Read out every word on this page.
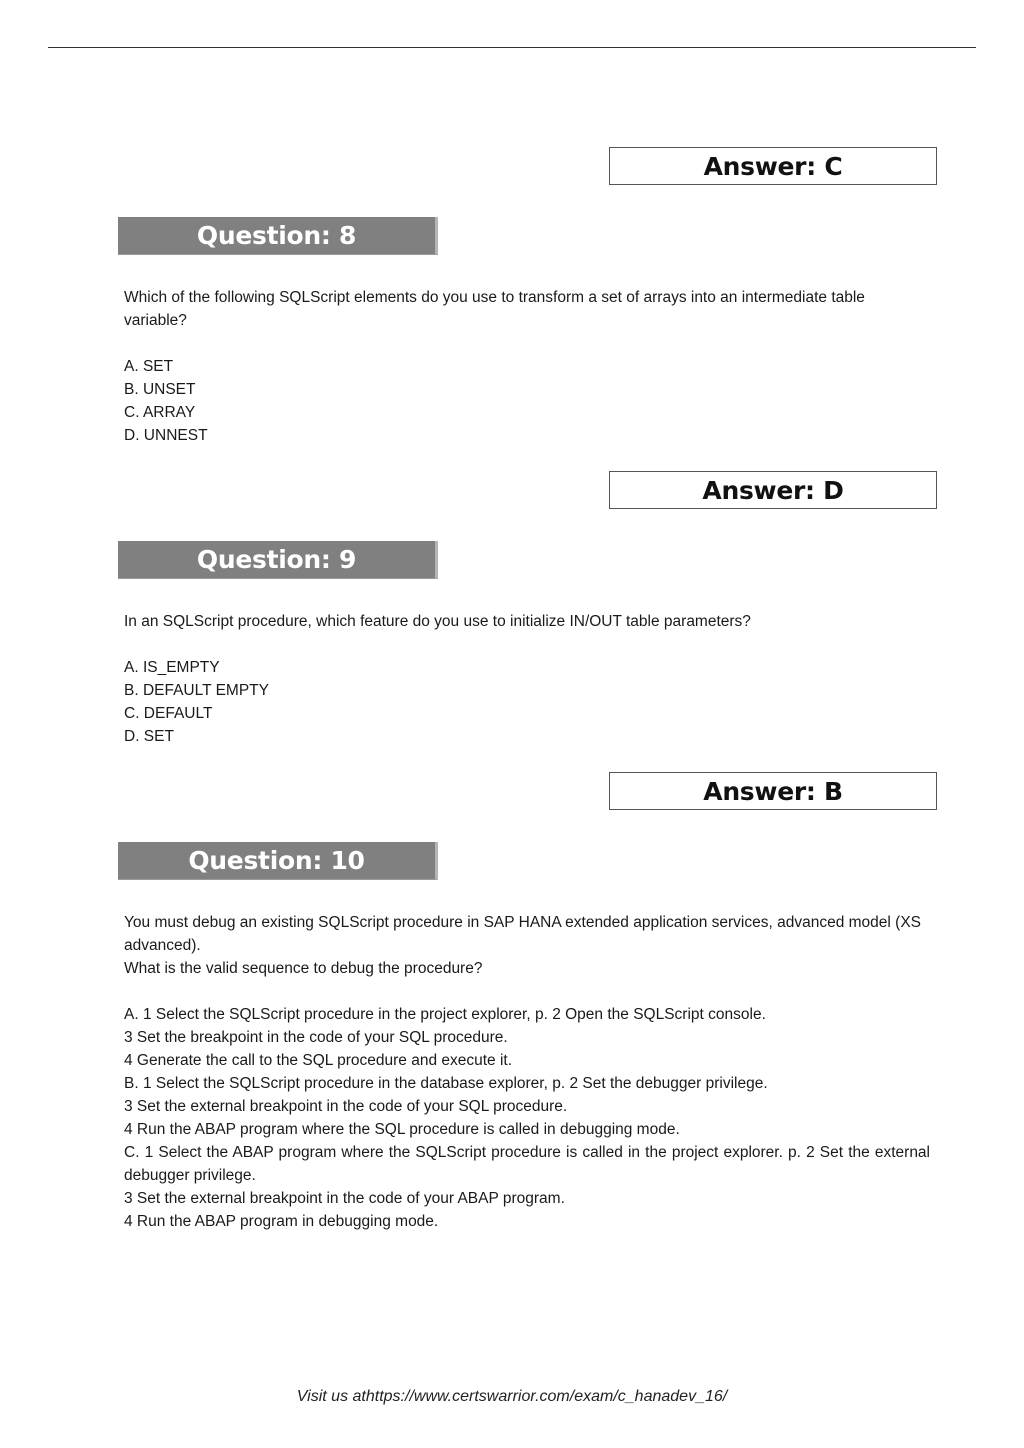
Answer: C
Question: 8

Which of the following SQLScript elements do you use to transform a set of arrays into an intermediate table variable?

A. SET
B. UNSET
C. ARRAY
D. UNNEST
Answer: D
Question: 9

In an SQLScript procedure, which feature do you use to initialize IN/OUT table parameters?

A. IS_EMPTY
B. DEFAULT EMPTY
C. DEFAULT
D. SET
Answer: B
Question: 10

You must debug an existing SQLScript procedure in SAP HANA extended application services, advanced model (XS advanced).
What is the valid sequence to debug the procedure?

A. 1 Select the SQLScript procedure in the project explorer, p. 2 Open the SQLScript console.
3 Set the breakpoint in the code of your SQL procedure.
4 Generate the call to the SQL procedure and execute it.
B. 1 Select the SQLScript procedure in the database explorer, p. 2 Set the debugger privilege.
3 Set the external breakpoint in the code of your SQL procedure.
4 Run the ABAP program where the SQL procedure is called in debugging mode.
C. 1 Select the ABAP program where the SQLScript procedure is called in the project explorer. p. 2 Set the external debugger privilege.
3 Set the external breakpoint in the code of your ABAP program.
4 Run the ABAP program in debugging mode.
Visit us athttps://www.certswarrior.com/exam/c_hanadev_16/
